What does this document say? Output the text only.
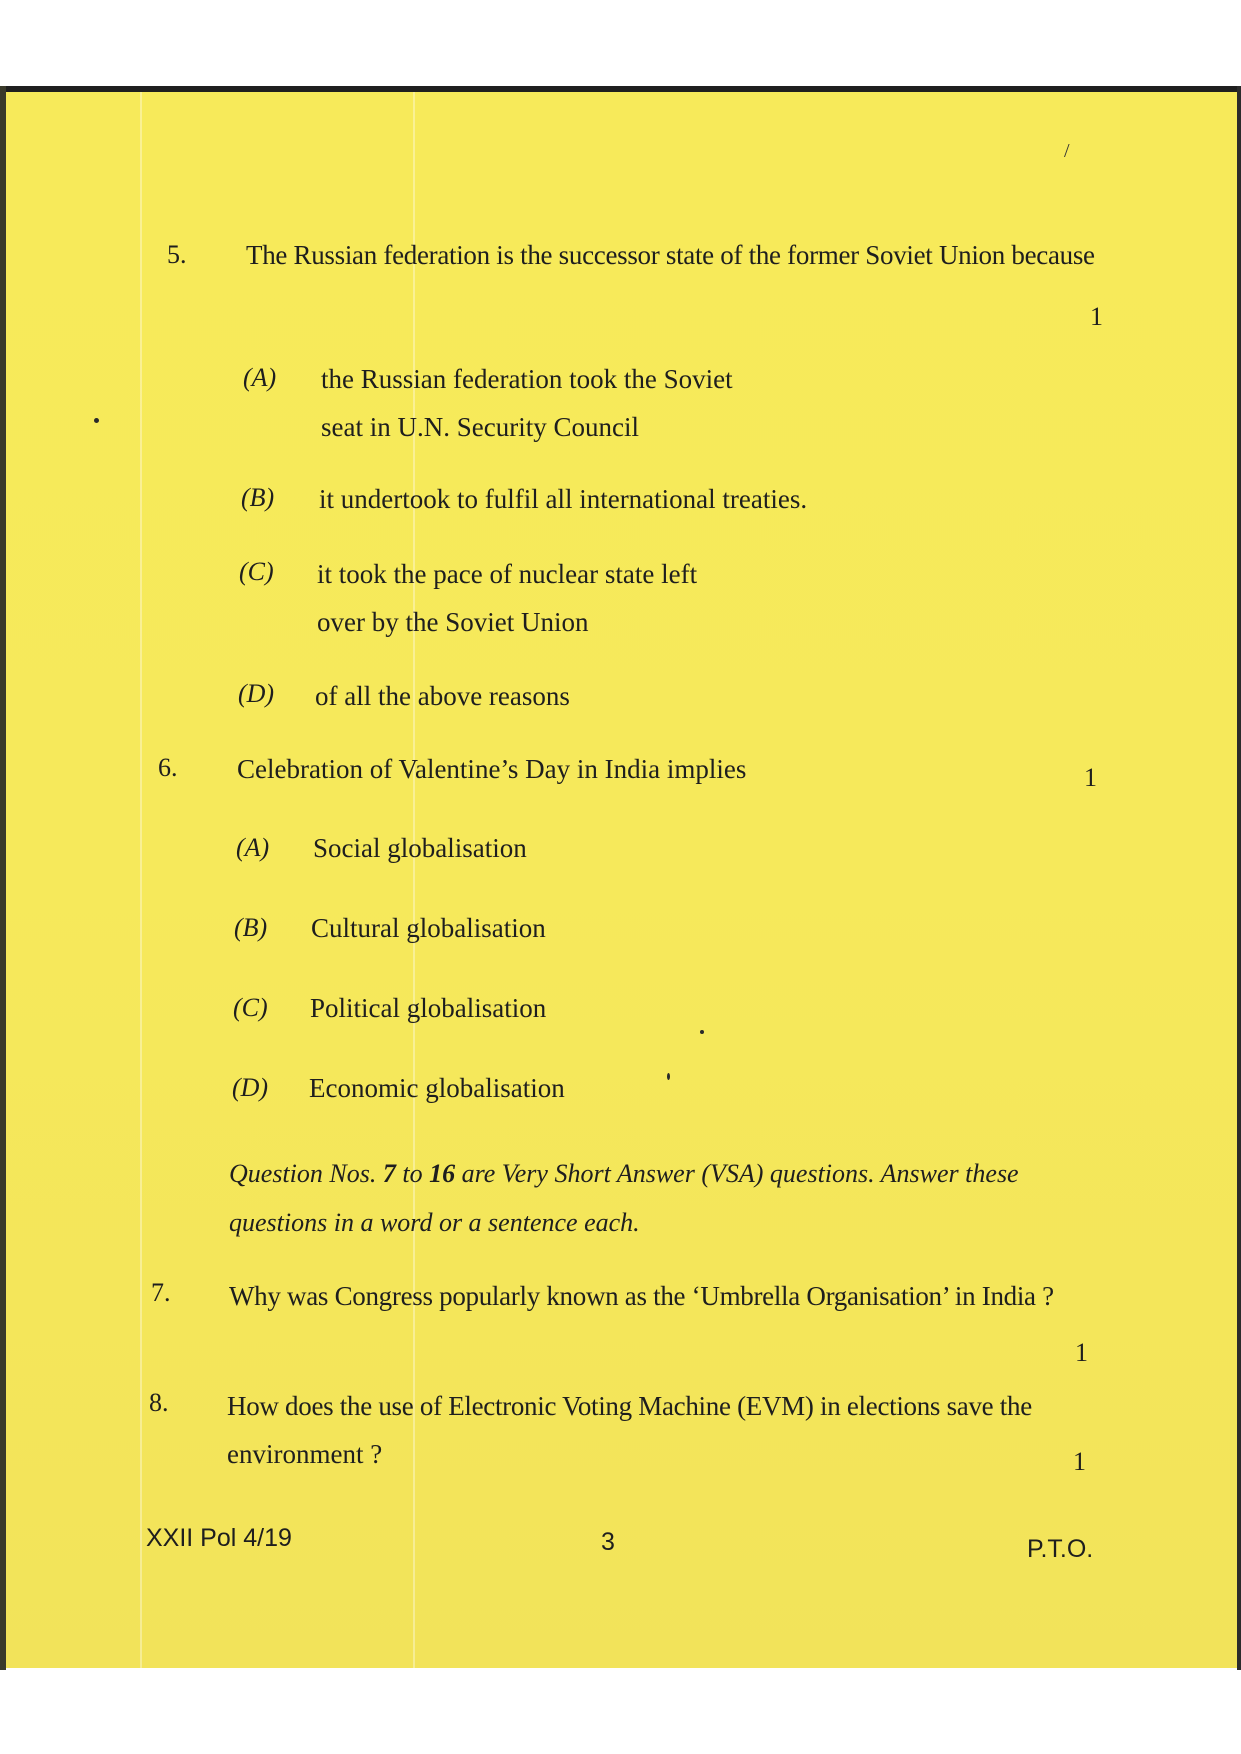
/
5. The Russian federation is the successor state of the former Soviet Union because
1
(A) the Russian federation took the Soviet
seat in U.N. Security Council
(B) it undertook to fulfil all international treaties.
(C) it took the pace of nuclear state left
over by the Soviet Union
(D) of all the above reasons
6. Celebration of Valentine’s Day in India implies	1
(A) Social globalisation
(B) Cultural globalisation
(C) Political globalisation
(D) Economic globalisation
Question Nos. 7 to 16 are Very Short Answer (VSA) questions. Answer these
questions in a word or a sentence each.
7. Why was Congress popularly known as the ‘Umbrella Organisation’ in India ?
1
8. How does the use of Electronic Voting Machine (EVM) in elections save the
environment ?	1
XXII Pol 4/19	3	P.T.O.
